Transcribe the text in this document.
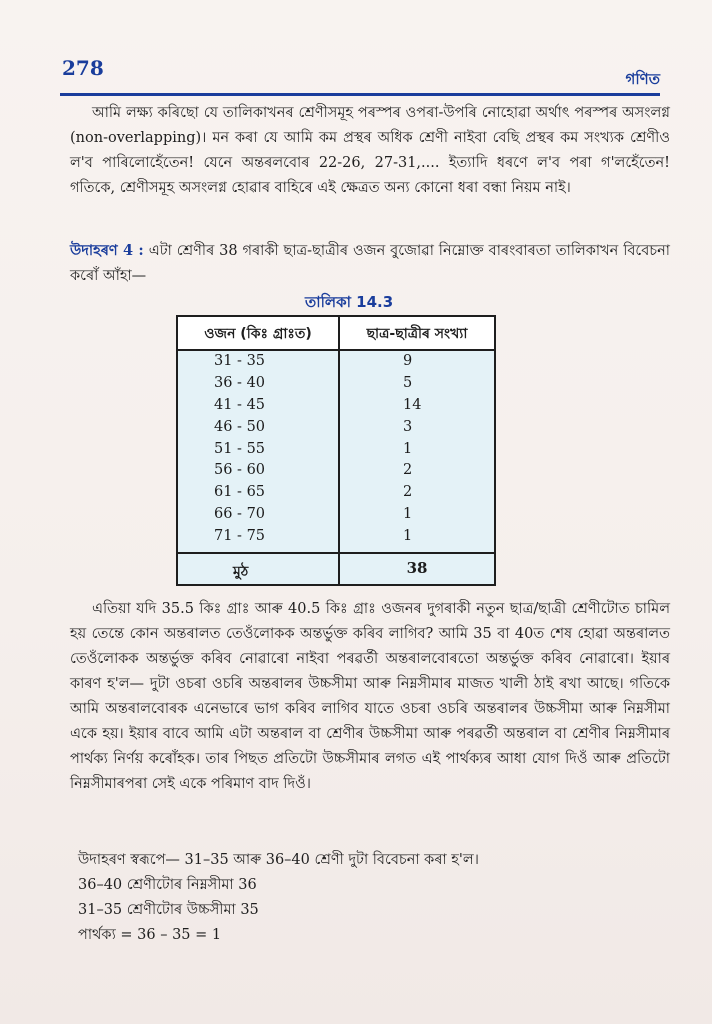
278	গণিত
আমি লক্ষ্য কৰিছো যে তালিকাখনৰ শ্ৰেণীসমূহ পৰস্পৰ ওপৰা-উপৰি নোহোৱা অৰ্থাৎ পৰস্পৰ অসংলগ্ন (non-overlapping)। মন কৰা যে আমি কম প্ৰস্থৰ অধিক শ্ৰেণী নাইবা বেছি প্ৰস্থৰ কম সংখ্যক শ্ৰেণীও ল'ব পাৰিলোহেঁতেন! যেনে অন্তৰলবোৰ 22-26, 27-31,.... ইত্যাদি ধৰণে ল'ব পৰা গ'লহেঁতেন! গতিকে, শ্ৰেণীসমূহ অসংলগ্ন হোৱাৰ বাহিৰে এই ক্ষেত্ৰত অন্য কোনো ধৰা বন্ধা নিয়ম নাই।
উদাহৰণ 4 : এটা শ্ৰেণীৰ 38 গৰাকী ছাত্ৰ-ছাত্ৰীৰ ওজন বুজোৱা নিম্নোক্ত বাৰংবাৰতা তালিকাখন বিবেচনা কৰোঁ আঁহা—
তালিকা 14.3
ওজন (কিঃ গ্ৰাঃত)	ছাত্ৰ-ছাত্ৰীৰ সংখ্যা
31 - 35	9
36 - 40	5
41 - 45	14
46 - 50	3
51 - 55	1
56 - 60	2
61 - 65	2
66 - 70	1
71 - 75	1
মুঠ	38
এতিয়া যদি 35.5 কিঃ গ্ৰাঃ আৰু 40.5 কিঃ গ্ৰাঃ ওজনৰ দুগৰাকী নতুন ছাত্ৰ/ছাত্ৰী শ্ৰেণীটোত চামিল হয় তেন্তে কোন অন্তৰালত তেওঁলোকক অন্তৰ্ভুক্ত কৰিব লাগিব? আমি 35 বা 40ত শেষ হোৱা অন্তৰালত তেওঁলোকক অন্তৰ্ভুক্ত কৰিব নোৱাৰো নাইবা পৰৱৰ্তী অন্তৰালবোৰতো অন্তৰ্ভুক্ত কৰিব নোৱাৰো। ইয়াৰ কাৰণ হ'ল— দুটা ওচৰা ওচৰি অন্তৰালৰ উচ্চসীমা আৰু নিম্নসীমাৰ মাজত খালী ঠাই ৰখা আছে। গতিকে আমি অন্তৰালবোৰক এনেভাৰে ভাগ কৰিব লাগিব যাতে ওচৰা ওচৰি অন্তৰালৰ উচ্চসীমা আৰু নিম্নসীমা একে হয়। ইয়াৰ বাবে আমি এটা অন্তৰাল বা শ্ৰেণীৰ উচ্চসীমা আৰু পৰৱৰ্তী অন্তৰাল বা শ্ৰেণীৰ নিম্নসীমাৰ পাৰ্থক্য নিৰ্ণয় কৰোঁহক। তাৰ পিছত প্ৰতিটো উচ্চসীমাৰ লগত এই পাৰ্থক্যৰ আধা যোগ দিওঁ আৰু প্ৰতিটো নিম্নসীমাৰপৰা সেই একে পৰিমাণ বাদ দিওঁ।
উদাহৰণ স্বৰূপে— 31–35 আৰু 36–40 শ্ৰেণী দুটা বিবেচনা কৰা হ'ল।
36–40 শ্ৰেণীটোৰ নিম্নসীমা 36
31–35 শ্ৰেণীটোৰ উচ্চসীমা 35
পাৰ্থক্য = 36 – 35 = 1
